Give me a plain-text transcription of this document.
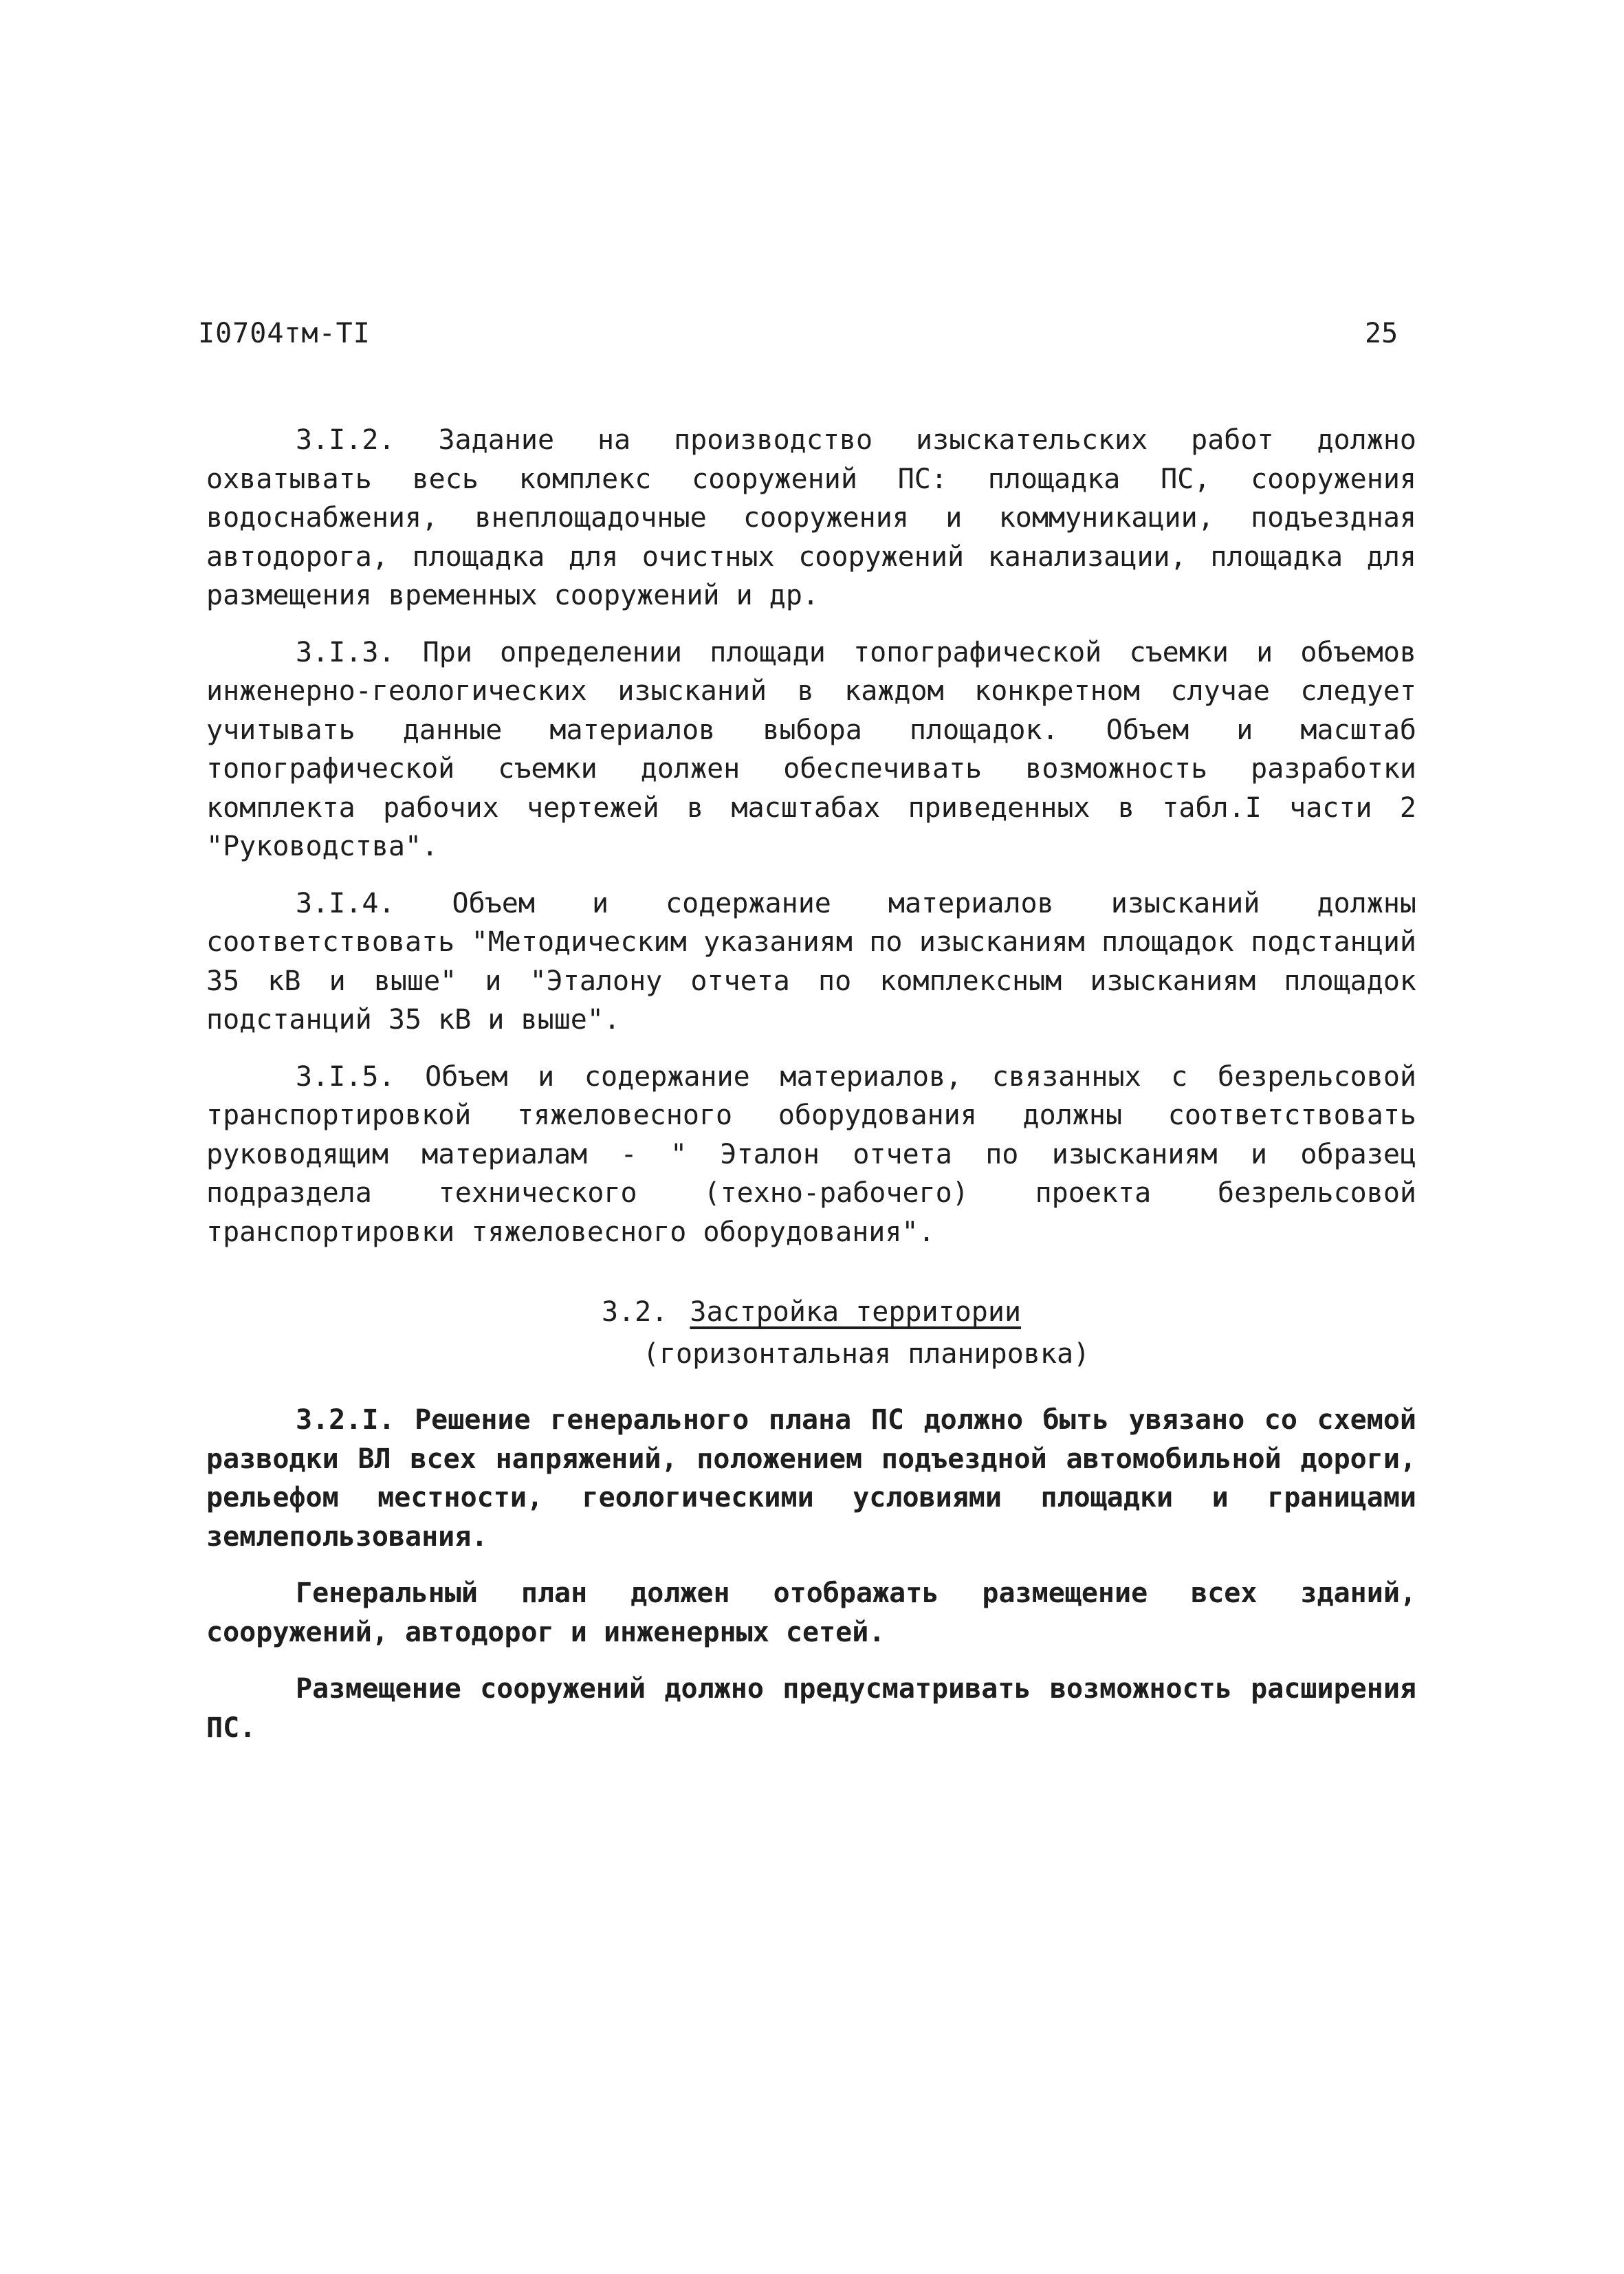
I0704тм-TI	25

3.I.2. Задание на производство изыскательских работ должно охватывать весь комплекс сооружений ПС: площадка ПС, сооружения водоснабжения, внеплощадочные сооружения и коммуникации, подъездная автодорога, площадка для очистных сооружений канализации, площадка для размещения временных сооружений и др.

3.I.3. При определении площади топографической съемки и объемов инженерно-геологических изысканий в каждом конкретном случае следует учитывать данные материалов выбора площадок. Объем и масштаб топографической съемки должен обеспечивать возможность разработки комплекта рабочих чертежей в масштабах приведенных в табл.I части 2 "Руководства".

3.I.4. Объем и содержание материалов изысканий должны соответствовать "Методическим указаниям по изысканиям площадок подстанций 35 кВ и выше" и "Эталону отчета по комплексным изысканиям площадок подстанций 35 кВ и выше".

3.I.5. Объем и содержание материалов, связанных с безрельсовой транспортировкой тяжеловесного оборудования должны соответствовать руководящим материалам - " Эталон отчета по изысканиям и образец подраздела технического (техно-рабочего) проекта безрельсовой транспортировки тяжеловесного оборудования".

3.2. Застройка территории
(горизонтальная планировка)

3.2.I. Решение генерального плана ПС должно быть увязано со схемой разводки ВЛ всех напряжений, положением подъездной автомобильной дороги, рельефом местности, геологическими условиями площадки и границами землепользования.

Генеральный план должен отображать размещение всех зданий, сооружений, автодорог и инженерных сетей.

Размещение сооружений должно предусматривать возможность расширения ПС.
